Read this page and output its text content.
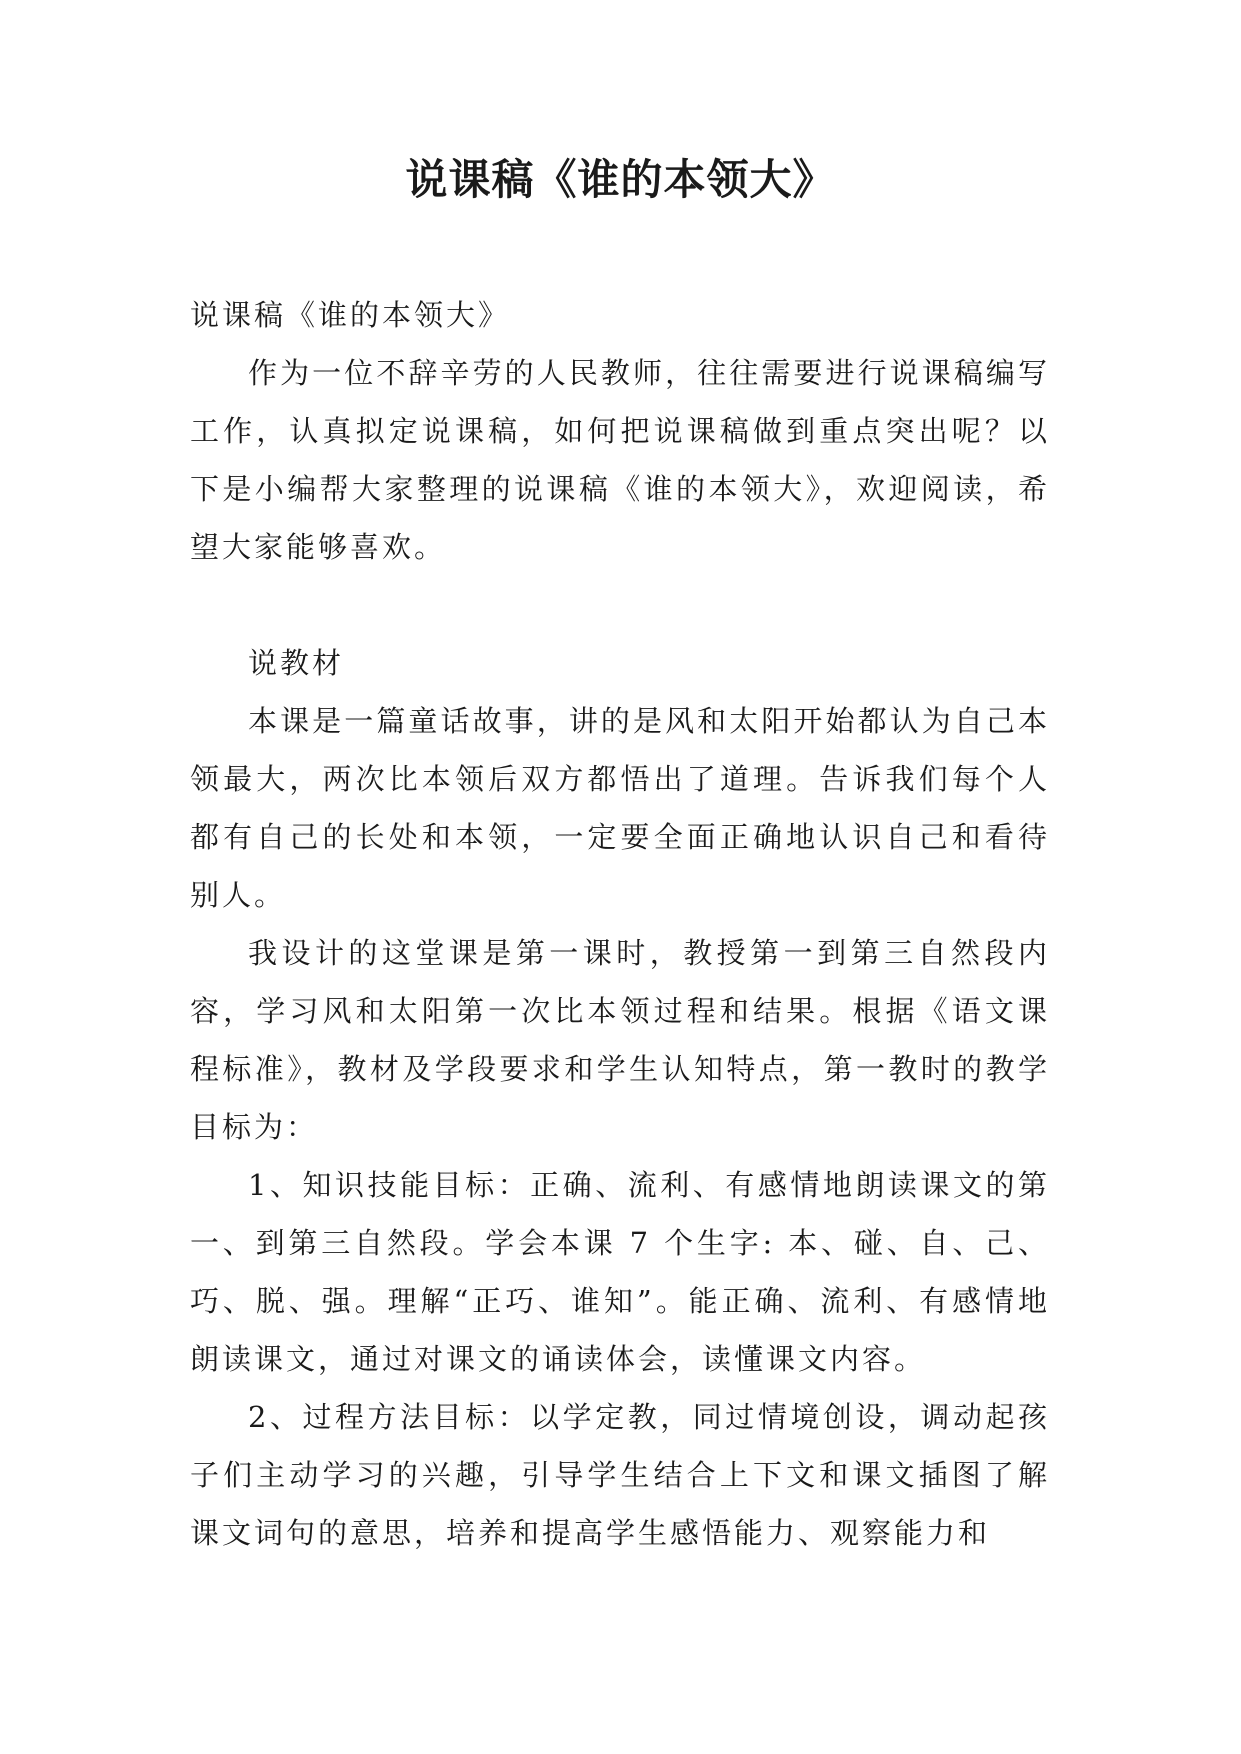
说课稿《谁的本领大》

说课稿《谁的本领大》

作为一位不辞辛劳的人民教师，往往需要进行说课稿编写工作，认真拟定说课稿，如何把说课稿做到重点突出呢？以下是小编帮大家整理的说课稿《谁的本领大》，欢迎阅读，希望大家能够喜欢。

说教材

本课是一篇童话故事，讲的是风和太阳开始都认为自己本领最大，两次比本领后双方都悟出了道理。告诉我们每个人都有自己的长处和本领，一定要全面正确地认识自己和看待别人。

我设计的这堂课是第一课时，教授第一到第三自然段内容，学习风和太阳第一次比本领过程和结果。根据《语文课程标准》，教材及学段要求和学生认知特点，第一教时的教学目标为：

1、知识技能目标：正确、流利、有感情地朗读课文的第一、到第三自然段。学会本课 7 个生字: 本、碰、自、己、巧、脱、强。理解“正巧、谁知”。能正确、流利、有感情地朗读课文，通过对课文的诵读体会，读懂课文内容。

2、过程方法目标：以学定教，同过情境创设，调动起孩子们主动学习的兴趣，引导学生结合上下文和课文插图了解课文词句的意思，培养和提高学生感悟能力、观察能力和
